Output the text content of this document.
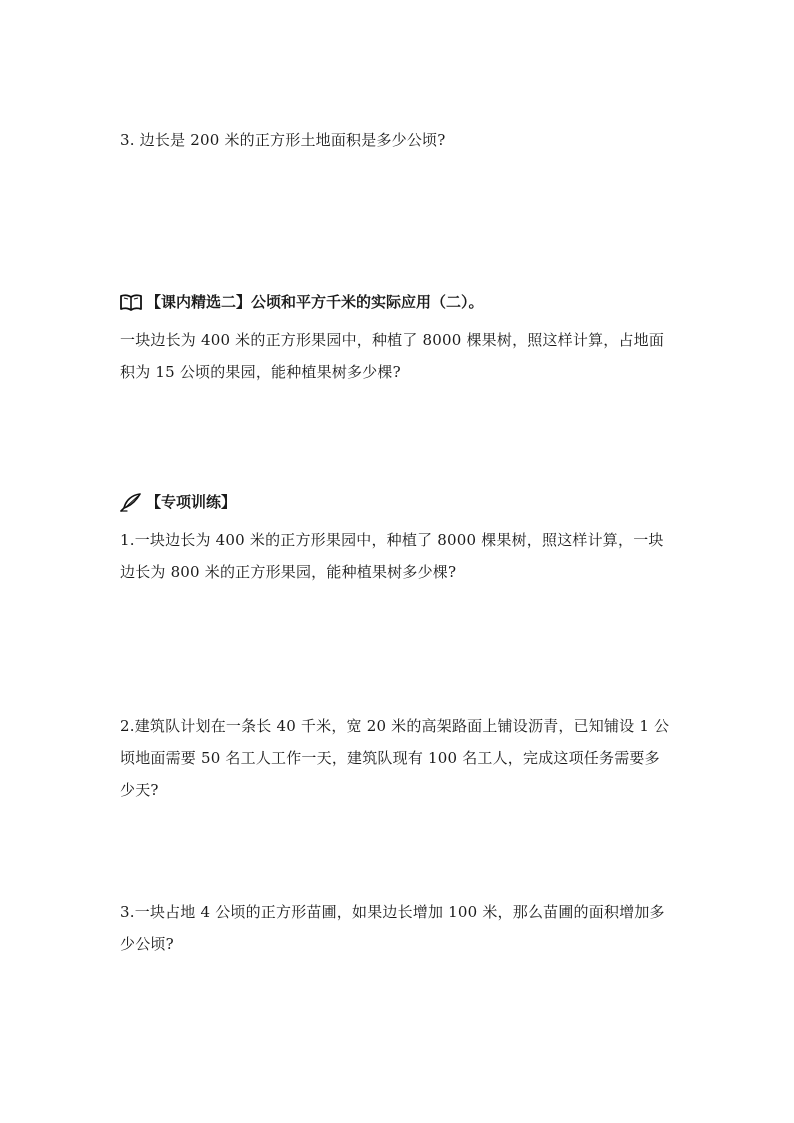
3. 边长是 200 米的正方形土地面积是多少公顷?
【课内精选二】公顷和平方千米的实际应用（二）。
一块边长为 400 米的正方形果园中，种植了 8000 棵果树，照这样计算，占地面
积为 15 公顷的果园，能种植果树多少棵?
【专项训练】
1.一块边长为 400 米的正方形果园中，种植了 8000 棵果树，照这样计算，一块
边长为 800 米的正方形果园，能种植果树多少棵?
2.建筑队计划在一条长 40 千米，宽 20 米的高架路面上铺设沥青，已知铺设 1 公
顷地面需要 50 名工人工作一天，建筑队现有 100 名工人，完成这项任务需要多
少天?
3.一块占地 4 公顷的正方形苗圃，如果边长增加 100 米，那么苗圃的面积增加多
少公顷?
